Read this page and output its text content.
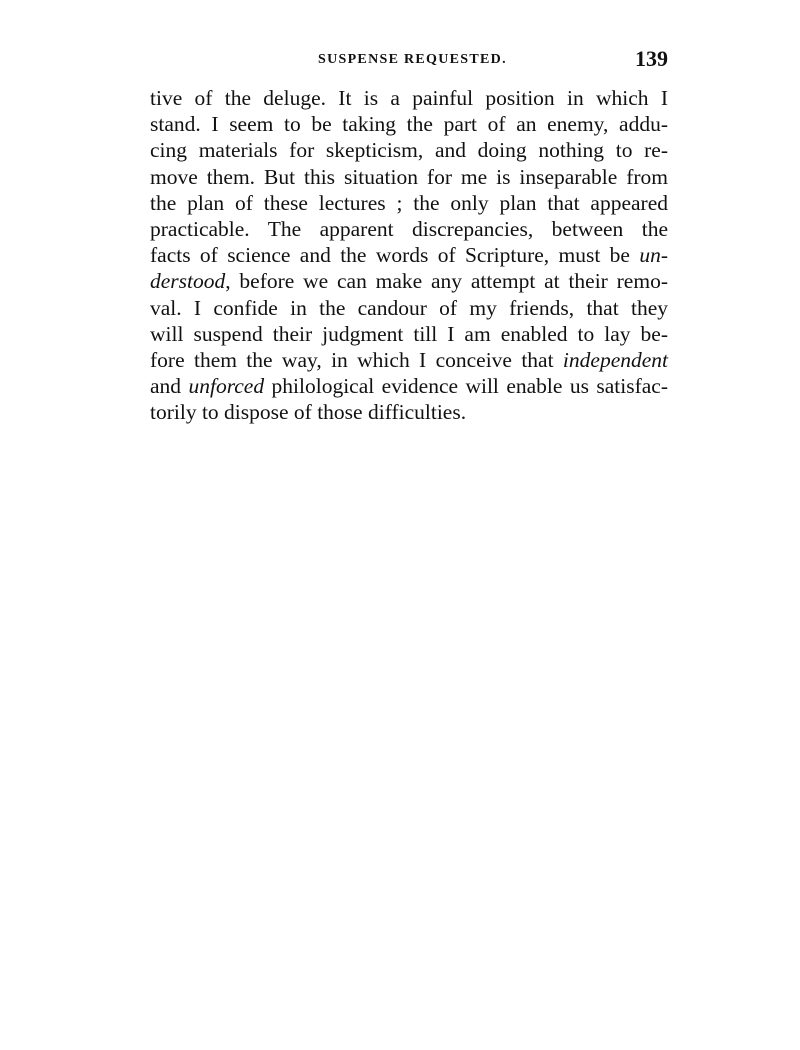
SUSPENSE REQUESTED.	139
tive of the deluge. It is a painful position in which I
stand. I seem to be taking the part of an enemy, addu-
cing materials for skepticism, and doing nothing to re-
move them. But this situation for me is inseparable from
the plan of these lectures ; the only plan that appeared
practicable. The apparent discrepancies, between the
facts of science and the words of Scripture, must be un-
derstood, before we can make any attempt at their remo-
val. I confide in the candour of my friends, that they
will suspend their judgment till I am enabled to lay be-
fore them the way, in which I conceive that independent
and unforced philological evidence will enable us satisfac-
torily to dispose of those difficulties.
